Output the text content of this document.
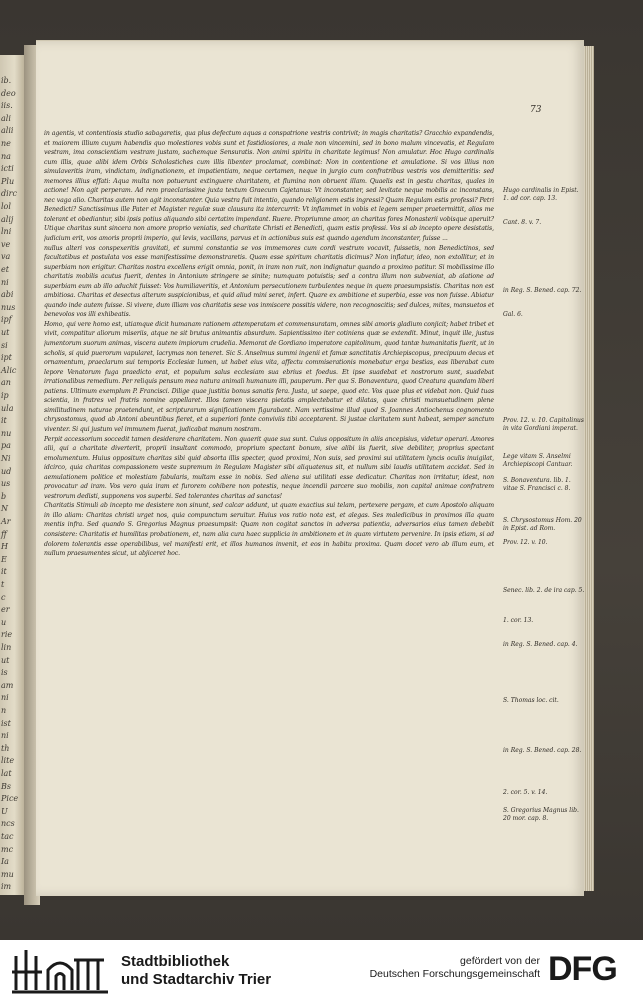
ib.
deo
iis.
ali
alii
ne
na
icti
Plu
dirc
lol
alij
lni
ve
va
et
ni
abi
nus
ipf
ut
si
ipt
Alic
an
ip
ula
it
nu
pa
Ni
ud
us
b
N
Ar
ff
H
E
it
t
c
er
u
rie
lin
ut
is
am
ni
n
ist
ni
th
lite
lat
Bs
Pice
U
ncs
tac
mc
Ia
mu
im
73

in agentis, vt contentiosis studio sabagaretis, qua plus defectum aquas a conspatrione vestris contrivit; in magis charitatis? Gracchio expandendis, et maiorem illium cuyum habendis quo molestiores vobis sunt et fastidiosiores, a male non vincemini, sed in bono malum vincevatis, et Regulam vestram, ima conscientiam vestram justam, sachemque Sensuratis. Non animi spiritu in charitate legimus! Non amulatur. Hoc Hugo cardinalis cum illis, quae alibi idem Orbis Scholastiches cum illis libenter proclamat, combinat: Non in contentione et amulatione. Si vos illius non simulaveritis iram, vindictam, indignationem, et impatientiam, neque certamen, neque in jurgio cum confratribus vestris vos demitteritis: sed memores illius effati: Aqua multa non potuerunt extinguere charitatem, et flumina non obruent illam. Quaelis est in gestu charitas, quales in actione! Non agit perperam. Ad rem praeclarissime juxta textum Graecum Cajetanus: Vt inconstanter, sed levitate neque mobilis ac inconstans, nec vaga alio. Charitas autem non agit inconstanter. Quia vestra fuit intentio, quando religionem estis ingressi? Quam Regulam estis professi? Petri Benedicti? Sanctissimus ille Pater et Magister regulæ suæ clausura ita intercurrit: Vt inflammet in vobis et legem semper praetermittit, alios me tolerant et obediantur, sibi ipsis potius aliquando sibi certatim impendant. Ruere. Propriumne amor, an charitas fores Monasterii vobisque aperuit? Utique charitas sunt sincera non amore proprio veniatis, sed charitate Christi et Benedicti, quam estis professi. Vos si ab incepto opere desistatis, judicium erit, vos amoris proprii imperio, qui levis, vacillans, parvus et in actionibus suis est quando agendum inconstanter, fuisse ...

nullus alteri vos conspexeritis gravitati, et summi constantia se vos immemores cum cordi vestrum vocavit, fuissetis, non Benedictinos, sed facultatibus et postulata vos esse manifestissime demonstraretis. Quam esse spiritum charitatis dicimus? Non inflatur, ideo, non extollitur, et in superbiam non erigitur. Charitas nostra excellens erigit omnia, ponit, in iram non ruit, non indignatur quando a proximo patitur. Si mobilissime illo charitatis mobilis acutus fuerit, dentes in Antonium stringere se sinite; numquam potuistis; sed a contra illum non subveniat, ab alatione ad superbiam eum ab illo aduchit fuisset: Vos humiliaveritis, et Antonium persecutionem turbulentes neque in quem praesumpsistis. Charitas non est ambitiosa. Charitas et desectus alterum suspicionibus, et quid aliud mini seret, infert. Quare ex ambitione et superbia, esse vos non fuisse. Abiatur quando inde autem fuisse. Si vivere, dum illiam vos charitatis sese vos inmiscere possitis videre, non recognoscitis; sed dulces, mites, mansuetos et benevolos vos illi exhibeatis.

Homo, qui vere homo est, utiamque dicit humanam rationem attemperatam et commensuratam, omnes sibi amoris gladium conjicit; habet tribet et vivit, compatitur aliorum miseriis, atque ne sit brutus animantis absurdum. Sapientissimo iter cotiniens quæ se extendit. Minut, inquit ille, justus jumentorum suorum animas, viscera autem impiorum crudelia. Memorat de Gordiano imperatore capitolinum, quod tantæ humanitatis fuerit, ut in scholis, si quid puerorum vapularet, lacrymas non teneret. Sic S. Anselmus summi ingenii et famæ sanctitatis Archiepiscopus, precipuum decus et ornamentum, praeclarum sui temporis Ecclesiæ lumen, ut habet eius vita, affectu commiserationis monebatur erga bestias, eas liberabat cum lepore Venatorum fuga praedicto erat, et populum salus ecclesiam sua ebrius et foedus. Et ipse suadebat et nostrorum sunt, suadebat irrationalibus remedium. Per reliquis pensum mea natura animali humanum illi, pauperum. Per qua S. Bonaventura, quod Creatura quandam liberi patiens. Ultimum exemplum P. Francisci. Dilige quae justitia bonus sanatis fera. Justa, ut saepe, quod etc. Vos quae plus et videbat non. Quid tuas scientia, in fratres vel fratris nomine appellaret. Illos tamen viscera pietatis amplectebatur et dilatas, quae christi mansuetudinem plene similitudinem naturae praetendunt, et scripturarum significationem figurabant. Nam vertissime illud quod S. Joannes Antiochenus cognomento chrysostomus, quod ab Antoni abeuntibus fieret, et a superiori fonte conviviis tibi acceptarent. Si justae claritatem sunt habeat, semper sanctum viventer. Si qui justum vel immunem fuerat, judicabat manum nostram.

Perpit accessorium soccedit tamen desiderare charitatem. Non quaerit quae sua sunt. Cuius oppositum in aliis ancepisius, videtur operari. Amores alii, qui a charitate diverterit, proprii insultant commodo, proprium spectant bonum, sive alibi iis fuerit, sive debiliter, proprius spectant emolumentum. Huius oppositum charitas sibi quid absorta illis specter, quod proximi, Non suis, sed proximi sui utilitatem lyncis oculis inuigilat, idcirco, quia charitas compassionem veste supremum in Regulam Magister sibi aliquatenus sit, et nullum sibi laudis utilitatem accidat. Sed in aemulationem politice et molestiam fabularis, multam esse in nobis. Sed aliena sui utilitati esse dedicatur. Charitas non irritatur, idest, non provocatur ad iram. Vos vero quia iram et furorem cohibere non potestis, neque incendii parcere suo mobilis, non capital animae confratrem vestrorum dedisti, supponens vos superbi. Sed tolerantes charitas ad sanctas!

Charitatis Stimuli ab incepto me desistere non sinunt, sed calcar addunt, ut quam exactius sui telam, pertexere pergam, et cum Apostolo aliquam in illo aliam: Charitas christi urget nos, quia compunctum seruitur. Huius vos ratio nota est, et alegas. Ses maledicibus in proximos illa quam mentis infra. Sed quando S. Gregorius Magnus praesumpsit: Quam non cogitat sanctos in adversa patientia, adversarios eius tamen debebit consistere: Charitatis et humilitas probationem, et, nam alia cura haec supplicia in ambitionem et in quam virtutem pervenire. In ipsis etiam, si ad dolorem tolerantis esse operabilibus, vel manifesti erit, et illos humanos invenit, et eos in habitu proxima. Quam docet vero ab illum eum, et nullum praesumentes sicut, ut abjiceret hoc.

Hugo cardinalis in Epist. 1. ad cor. cap. 13.
Cant. 8. v. 7.
in Reg. S. Bened. cap. 72.
Gal. 6.
Prov. 12. v. 10. Capitolinus in vita Gordiani imperat.
Lege vitam S. Anselmi Archiepiscopi Cantuar.
S. Bonaventura. lib. 1. vitae S. Francisci c. 8.
S. Chrysostomus Hom. 20 in Epist. ad Rom.
Prov. 12. v. 10.
Senec. lib. 2. de ira cap. 5.
1. cor. 13.
in Reg. S. Bened. cap. 4.
S. Thomas loc. cit.
in Reg. S. Bened. cap. 28.
2. cor. 5. v. 14.
S. Gregorius Magnus lib. 20 mor. cap. 8.
Stadtbibliothek
und Stadtarchiv Trier
gefördert von der
Deutschen Forschungsgemeinschaft DFG
